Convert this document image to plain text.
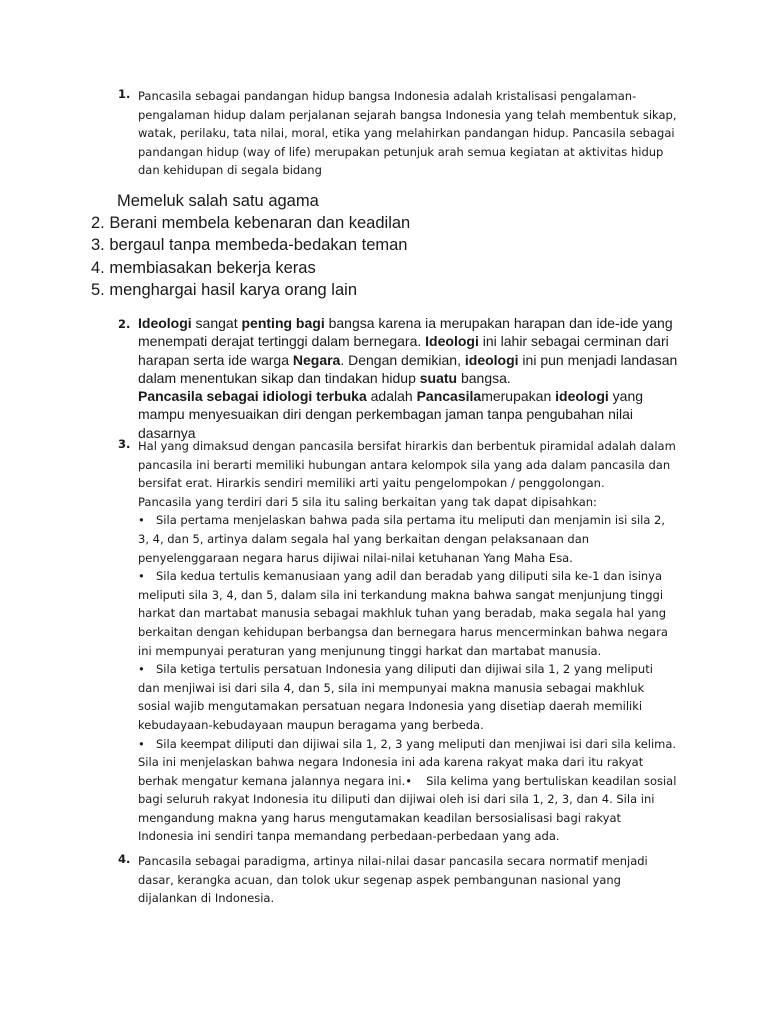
1. Pancasila sebagai pandangan hidup bangsa Indonesia adalah kristalisasi pengalaman-pengalaman hidup dalam perjalanan sejarah bangsa Indonesia yang telah membentuk sikap, watak, perilaku, tata nilai, moral, etika yang melahirkan pandangan hidup. Pancasila sebagai pandangan hidup (way of life) merupakan petunjuk arah semua kegiatan at aktivitas hidup dan kehidupan di segala bidang
Memeluk salah satu agama
2. Berani membela kebenaran dan keadilan
3. bergaul tanpa membeda-bedakan teman
4. membiasakan bekerja keras
5. menghargai hasil karya orang lain
2. Ideologi sangat penting bagi bangsa karena ia merupakan harapan dan ide-ide yang menempati derajat tertinggi dalam bernegara. Ideologi ini lahir sebagai cerminan dari harapan serta ide warga Negara. Dengan demikian, ideologi ini pun menjadi landasan dalam menentukan sikap dan tindakan hidup suatu bangsa.
Pancasila sebagai idiologi terbuka adalah Pancasilamerupakan ideologi yang mampu menyesuaikan diri dengan perkembagan jaman tanpa pengubahan nilai dasarnya
3. Hal yang dimaksud dengan pancasila bersifat hirarkis dan berbentuk piramidal adalah dalam pancasila ini berarti memiliki hubungan antara kelompok sila yang ada dalam pancasila dan bersifat erat. Hirarkis sendiri memiliki arti yaitu pengelompokan / penggolongan.
Pancasila yang terdiri dari 5 sila itu saling berkaitan yang tak dapat dipisahkan:
• Sila pertama menjelaskan bahwa pada sila pertama itu meliputi dan menjamin isi sila 2, 3, 4, dan 5, artinya dalam segala hal yang berkaitan dengan pelaksanaan dan penyelenggaraan negara harus dijiwai nilai-nilai ketuhanan Yang Maha Esa.
• Sila kedua tertulis kemanusiaan yang adil dan beradab yang diliputi sila ke-1 dan isinya meliputi sila 3, 4, dan 5, dalam sila ini terkandung makna bahwa sangat menjunjung tinggi harkat dan martabat manusia sebagai makhluk tuhan yang beradab, maka segala hal yang berkaitan dengan kehidupan berbangsa dan bernegara harus mencerminkan bahwa negara ini mempunyai peraturan yang menjunung tinggi harkat dan martabat manusia.
• Sila ketiga tertulis persatuan Indonesia yang diliputi dan dijiwai sila 1, 2 yang meliputi dan menjiwai isi dari sila 4, dan 5, sila ini mempunyai makna manusia sebagai makhluk sosial wajib mengutamakan persatuan negara Indonesia yang disetiap daerah memiliki kebudayaan-kebudayaan maupun beragama yang berbeda.
• Sila keempat diliputi dan dijiwai sila 1, 2, 3 yang meliputi dan menjiwai isi dari sila kelima. Sila ini menjelaskan bahwa negara Indonesia ini ada karena rakyat maka dari itu rakyat berhak mengatur kemana jalannya negara ini.• Sila kelima yang bertuliskan keadilan sosial bagi seluruh rakyat Indonesia itu diliputi dan dijiwai oleh isi dari sila 1, 2, 3, dan 4. Sila ini mengandung makna yang harus mengutamakan keadilan bersosialisasi bagi rakyat Indonesia ini sendiri tanpa memandang perbedaan-perbedaan yang ada.
4. Pancasila sebagai paradigma, artinya nilai-nilai dasar pancasila secara normatif menjadi dasar, kerangka acuan, dan tolok ukur segenap aspek pembangunan nasional yang dijalankan di Indonesia.
